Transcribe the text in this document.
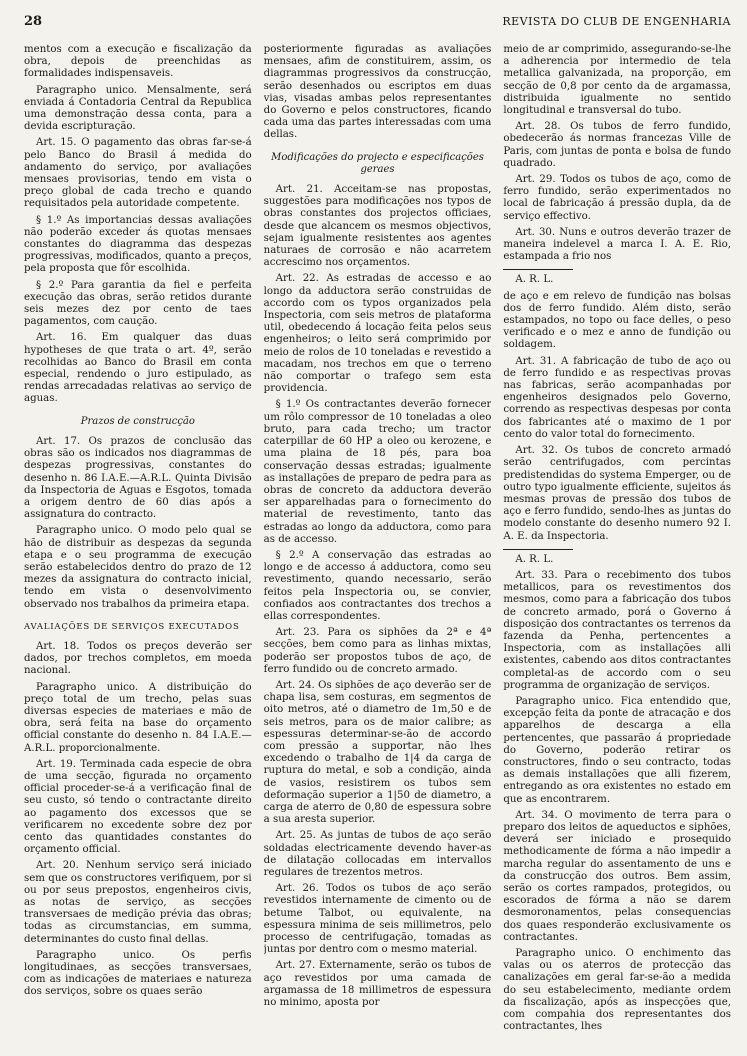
28	REVISTA DO CLUB DE ENGENHARIA

mentos com a execução e fiscalização da obra, depois de preenchidas as formalidades indispensaveis.

Paragrapho unico. Mensalmente, será enviada á Contadoria Central da Republica uma demonstração dessa conta, para a devida escripturação.

Art. 15. O pagamento das obras far-se-á pelo Banco do Brasil á medida do andamento do serviço, por avaliações mensaes provisorias, tendo em vista o preço global de cada trecho e quando requisitados pela autoridade competente.

§ 1.º As importancias dessas avaliações não poderão exceder ás quotas mensaes constantes do diagramma das despezas progressivas, modificados, quanto a preços, pela proposta que fôr escolhida.

§ 2.º Para garantia da fiel e perfeita execução das obras, serão retidos durante seis mezes dez por cento de taes pagamentos, com caução.

Art. 16. Em qualquer das duas hypotheses de que trata o art. 4º, serão recolhidas ao Banco do Brasil em conta especial, rendendo o juro estipulado, as rendas arrecadadas relativas ao serviço de aguas.

Prazos de construcção

Art. 17. Os prazos de conclusão das obras são os indicados nos diagrammas de despezas progressivas, constantes do desenho n. 86 I.A.E.—A.R.L. Quinta Divisão da Inspectoria de Aguas e Esgotos, tomada a origem dentro de 60 dias após a assignatura do contracto.

Paragrapho unico. O modo pelo qual se hão de distribuir as despezas da segunda etapa e o seu programma de execução serão estabelecidos dentro do prazo de 12 mezes da assignatura do contracto inicial, tendo em vista o desenvolvimento observado nos trabalhos da primeira etapa.

AVALIAÇÕES DE SERVIÇOS EXECUTADOS

Art. 18. Todos os preços deverão ser dados, por trechos completos, em moeda nacional.

Paragrapho unico. A distribuição do preço total de um trecho, pelas suas diversas especies de materiaes e mão de obra, será feita na base do orçamento official constante do desenho n. 84 I.A.E.—A.R.L. proporcionalmente.

Art. 19. Terminada cada especie de obra de uma secção, figurada no orçamento official proceder-se-á a verificação final de seu custo, só tendo o contractante direito ao pagamento dos excessos que se verificarem no excedente sobre dez por cento das quantidades constantes do orçamento official.

Art. 20. Nenhum serviço será iniciado sem que os constructores verifiquem, por si ou por seus prepostos, engenheiros civis, as notas de serviço, as secções transversaes de medição prévia das obras; todas as circumstancias, em summa, determinantes do custo final dellas.

Paragrapho unico. Os perfis longitudinaes, as secções transversaes, com as indicações de materiaes e natureza dos serviços, sobre os quaes serão

posteriormente figuradas as avaliações mensaes, afim de constituirem, assim, os diagrammas progressivos da construcção, serão desenhados ou escriptos em duas vias, visadas ambas pelos representantes do Governo e pelos constructores, ficando cada uma das partes interessadas com uma dellas.

Modificações do projecto e especificações geraes

Art. 21. Acceitam-se nas propostas, suggestões para modificações nos typos de obras constantes dos projectos officiaes, desde que alcancem os mesmos objectivos, sejam igualmente resistentes aos agentes naturaes de corrosão e não acarretem accrescimo nos orçamentos.

Art. 22. As estradas de accesso e ao longo da adductora serão construidas de accordo com os typos organizados pela Inspectoria, com seis metros de plataforma util, obedecendo á locação feita pelos seus engenheiros; o leito será comprimido por meio de rolos de 10 toneladas e revestido a macadam, nos trechos em que o terreno não comportar o trafego sem esta providencia.

§ 1.º Os contractantes deverão fornecer um rôlo compressor de 10 toneladas a oleo bruto, para cada trecho; um tractor caterpillar de 60 HP a oleo ou kerozene, e uma plaina de 18 pés, para boa conservação dessas estradas; igualmente as installações de preparo de pedra para as obras de concreto da adductora deverão ser apparelhadas para o fornecimento do material de revestimento, tanto das estradas ao longo da adductora, como para as de accesso.

§ 2.º A conservação das estradas ao longo e de accesso á adductora, como seu revestimento, quando necessario, serão feitos pela Inspectoria ou, se convier, confiados aos contractantes dos trechos a ellas correspondentes.

Art. 23. Para os siphões da 2ª e 4ª secções, bem como para as linhas mixtas, poderão ser propostos tubos de aço, de ferro fundido ou de concreto armado.

Art. 24. Os siphões de aço deverão ser de chapa lisa, sem costuras, em segmentos de oito metros, até o diametro de 1m,50 e de seis metros, para os de maior calibre; as espessuras determinar-se-ão de accordo com pressão a supportar, não lhes excedendo o trabalho de 1|4 da carga de ruptura do metal, e sob a condição, ainda de vasios, resistirem os tubos sem deformação superior a 1|50 de diametro, a carga de aterro de 0,80 de espessura sobre a sua aresta superior.

Art. 25. As juntas de tubos de aço serão soldadas electricamente devendo haver-as de dilatação collocadas em intervallos regulares de trezentos metros.

Art. 26. Todos os tubos de aço serão revestidos internamente de cimento ou de betume Talbot, ou equivalente, na espessura minima de seis millimetros, pelo processo de centrifugação, tomadas as juntas por dentro com o mesmo material.

Art. 27. Externamente, serão os tubos de aço revestidos por uma camada de argamassa de 18 millimetros de espessura no minimo, aposta por

meio de ar comprimido, assegurando-se-lhe a adherencia por intermedio de tela metallica galvanizada, na proporção, em secção de 0,8 por cento da de argamassa, distribuida igualmente no sentido longitudinal e transversal do tubo.

Art. 28. Os tubos de ferro fundido, obedecerão ás normas francezas Ville de Paris, com juntas de ponta e bolsa de fundo quadrado.

Art. 29. Todos os tubos de aço, como de ferro fundido, serão experimentados no local de fabricação á pressão dupla, da de serviço effectivo.

Art. 30. Nuns e outros deverão trazer de maneira indelevel a marca I. A. E. Rio, estampada a frio nos

A. R. L.

de aço e em relevo de fundição nas bolsas dos de ferro fundido. Além disto, serão estampados, no topo ou face delles, o peso verificado e o mez e anno de fundição ou soldagem.

Art. 31. A fabricação de tubo de aço ou de ferro fundido e as respectivas provas nas fabricas, serão acompanhadas por engenheiros designados pelo Governo, correndo as respectivas despesas por conta dos fabricantes até o maximo de 1 por cento do valor total do fornecimento.

Art. 32. Os tubos de concreto armadó serão centrifugados, com percintas predistendidas do systema Emperger, ou de outro typo igualmente efficiente, sujeitos ás mesmas provas de pressão dos tubos de aço e ferro fundido, sendo-lhes as juntas do modelo constante do desenho numero 92 I. A. E. da Inspectoria.

A. R. L.

Art. 33. Para o recebimento dos tubos metallicos, para os revestimentos dos mesmos, como para a fabricação dos tubos de concreto armado, porá o Governo á disposição dos contractantes os terrenos da fazenda da Penha, pertencentes a Inspectoria, com as installações alli existentes, cabendo aos ditos contractantes completal-as de accordo com o seu programma de organização de serviços.

Paragrapho unico. Fica entendido que, excepção feita da ponte de atracação e dos apparelhos de descarga a ella pertencentes, que passarão á propriedade do Governo, poderão retirar os constructores, findo o seu contracto, todas as demais installações que alli fizerem, entregando as ora existentes no estado em que as encontrarem.

Art. 34. O movimento de terra para o preparo dos leitos de aqueductos e siphões, deverá ser iniciado e prosequido methodicamente de fórma a não impedir a marcha regular do assentamento de uns e da construcção dos outros. Bem assim, serão os cortes rampados, protegidos, ou escorados de fórma a não se darem desmoronamentos, pelas consequencias dos quaes responderão exclusivamente os contractantes.

Paragrapho unico. O enchimento das valas ou os aterros de protecção das canalizações em geral far-se-ão a medida do seu estabelecimento, mediante ordem da fiscalização, após as inspecções que, com compahia dos representantes dos contractantes, lhes
